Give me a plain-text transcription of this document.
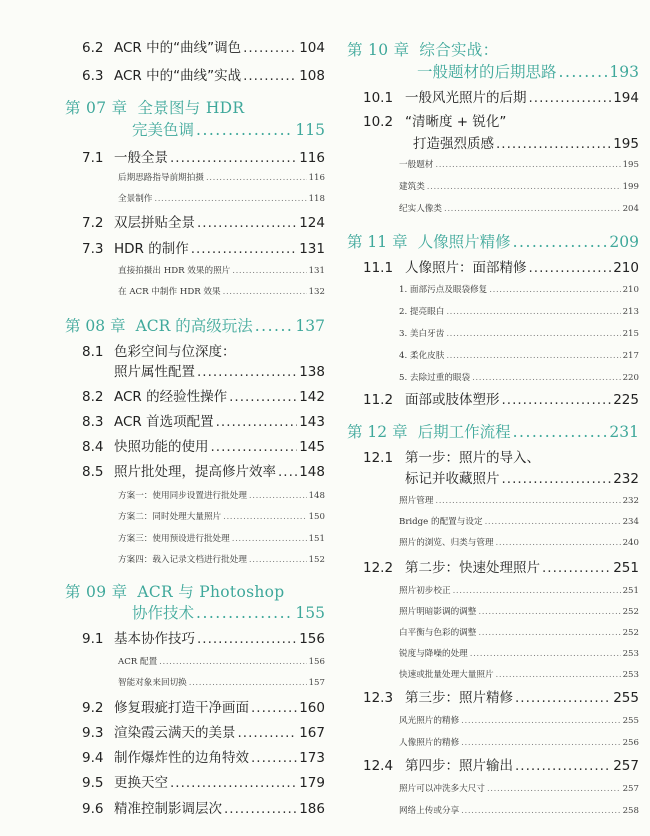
6.2 ACR 中的“曲线”调色 .....	104
6.3 ACR 中的“曲线”实战 .....	108
第 07 章 全景图与 HDR
完美色调 .....	115
7.1 一般全景 .....	116
后期思路指导前期拍摄 .....	116
全景制作 .....	118
7.2 双层拼贴全景 .....	124
7.3 HDR 的制作 .....	131
直接拍摄出 HDR 效果的照片 .....	131
在 ACR 中制作 HDR 效果 .....	132
第 08 章 ACR 的高级玩法 .....	137
8.1 色彩空间与位深度：
照片属性配置 .....	138
8.2 ACR 的经验性操作 .....	142
8.3 ACR 首选项配置 .....	143
8.4 快照功能的使用 .....	145
8.5 照片批处理，提高修片效率 ..... 148
方案一：使用同步设置进行批处理 .....	148
方案二：同时处理大量照片 .....	150
方案三：使用预设进行批处理 .....	151
方案四：载入记录文档进行批处理 .....	152
第 09 章 ACR 与 Photoshop
协作技术 .....	155
9.1 基本协作技巧 .....	156
ACR 配置 .....	156
智能对象来回切换 .....	157
9.2 修复瑕疵打造干净画面 .....	160
9.3 渲染霞云满天的美景 .....	167
9.4 制作爆炸性的边角特效 .....	173
9.5 更换天空 .....	179
9.6 精准控制影调层次 .....	186
第 10 章 综合实战：
一般题材的后期思路 .....	193
10.1 一般风光照片的后期 .....	194
10.2 “清晰度 + 锐化”
打造强烈质感 .....	195
一般题材 .....	195
建筑类 .....	199
纪实人像类 .....	204
第 11 章 人像照片精修 .....	209
11.1 人像照片：面部精修 .....	210
1. 面部污点及眼袋修复 .....	210
2. 提亮眼白 .....	213
3. 美白牙齿 .....	215
4. 柔化皮肤 .....	217
5. 去除过重的眼袋 .....	220
11.2 面部或肢体塑形 .....	225
第 12 章 后期工作流程 .....	231
12.1 第一步：照片的导入、
标记并收藏照片 .....	232
照片管理 .....	232
Bridge 的配置与设定 .....	234
照片的浏览、归类与管理 .....	240
12.2 第二步：快速处理照片 .....	251
照片初步校正 .....	251
照片明暗影调的调整 .....	252
白平衡与色彩的调整 .....	252
锐度与降噪的处理 .....	253
快速或批量处理大量照片 .....	253
12.3 第三步：照片精修 .....	255
风光照片的精修 .....	255
人像照片的精修 .....	256
12.4 第四步：照片输出 .....	257
照片可以冲洗多大尺寸 .....	257
网络上传或分享 .....	258
